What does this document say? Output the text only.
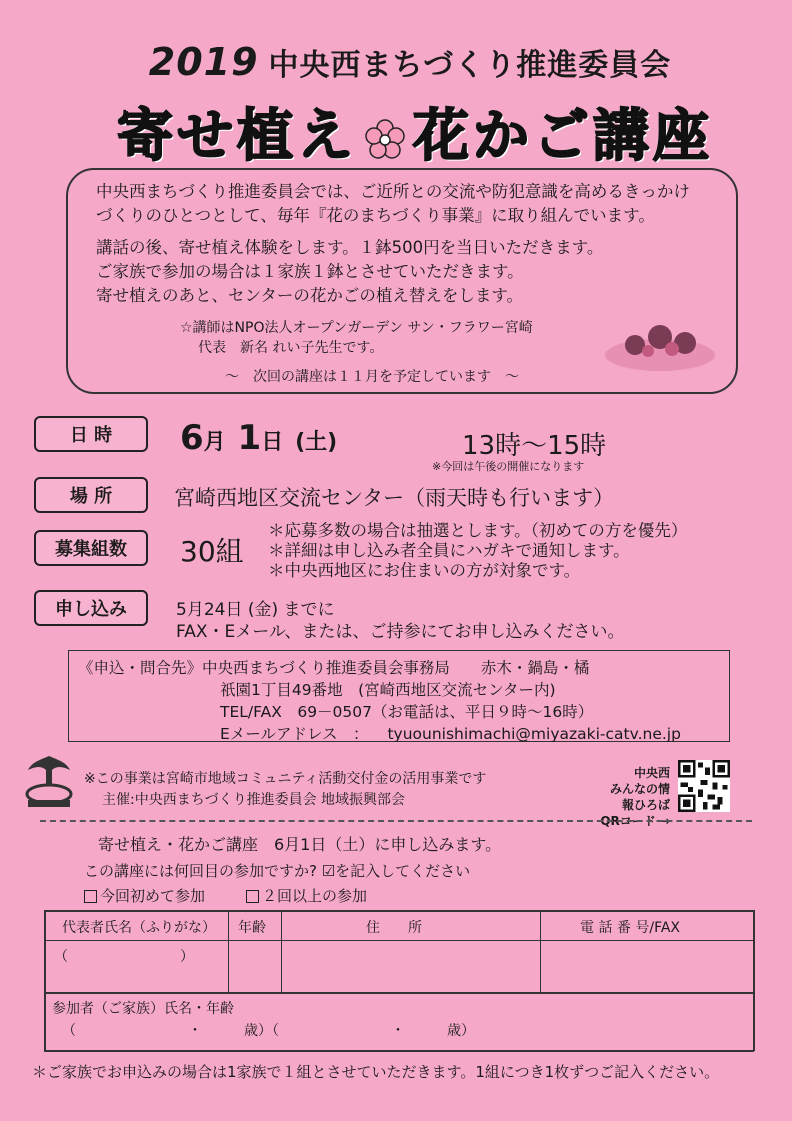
2019 中央西まちづくり推進委員会
寄せ植え 花かご講座
中央西まちづくり推進委員会では、ご近所との交流や防犯意識を高めるきっかけ
づくりのひとつとして、毎年『花のまちづくり事業』に取り組んでいます。
講話の後、寄せ植え体験をします。１鉢500円を当日いただきます。
ご家族で参加の場合は１家族１鉢とさせていただきます。
寄せ植えのあと、センターの花かごの植え替えをします。
☆講師はNPO法人オープンガーデン サン・フラワー宮崎
代表　新名 れい子先生です。
～　次回の講座は１１月を予定しています　～
日 時	6月 1日 (土)	13時～15時
※今回は午後の開催になります
場 所	宮崎西地区交流センター（雨天時も行います）
募集組数	30組
＊応募多数の場合は抽選とします。（初めての方を優先）
＊詳細は申し込み者全員にハガキで通知します。
＊中央西地区にお住まいの方が対象です。
申し込み	5月24日 (金) までに
FAX・Eメール、または、ご持参にてお申し込みください。
《申込・問合先》中央西まちづくり推進委員会事務局　　赤木・鍋島・橘
祇園1丁目49番地　(宮崎西地区交流センター内)
TEL/FAX　69－0507（お電話は、平日９時～16時）
Eメールアドレス　： tyuounishimachi@miyazaki-catv.ne.jp
※この事業は宮崎市地域コミュニティ活動交付金の活用事業です
主催:中央西まちづくり推進委員会 地域振興部会
中央西
みんなの情報ひろば
QRコード →
寄せ植え・花かご講座　6月1日（土）に申し込みます。
この講座には何回目の参加ですか? ☑を記入してください
今回初めて参加	２回以上の参加
代表者氏名（ふりがな） 年齢	住　　所	電 話 番 号/FAX
（　　　　　　　　）
参加者（ご家族）氏名・年齢
（　　　　　　　　・　　　歳）（　　　　　　　　・　　　歳）
＊ご家族でお申込みの場合は1家族で１組とさせていただきます。1組につき1枚ずつご記入ください。
